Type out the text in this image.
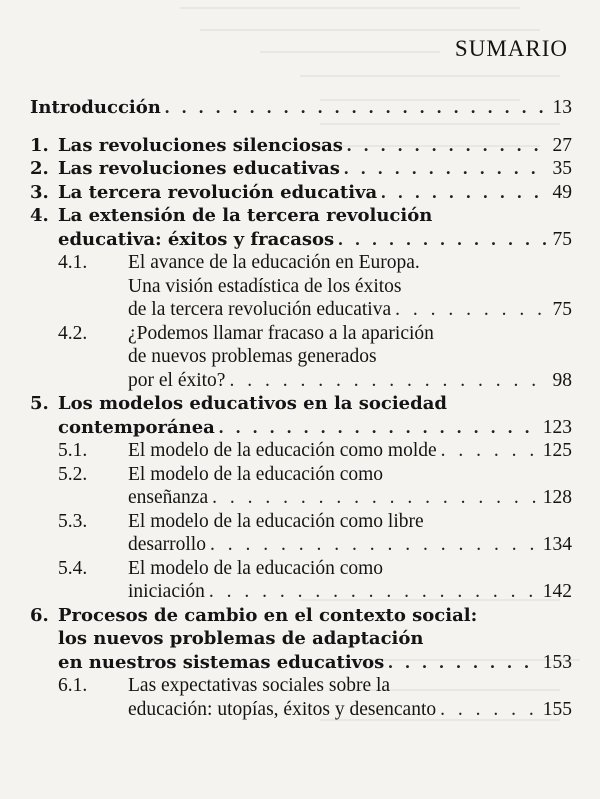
SUMARIO
Introducción . . .	13
1. Las revoluciones silenciosas . . .	27
2. Las revoluciones educativas . . .	35
3. La tercera revolución educativa . . .	49
4. La extensión de la tercera revolución
educativa: éxitos y fracasos . . .	75
4.1.	El avance de la educación en Europa.
Una visión estadística de los éxitos
de la tercera revolución educativa . . .	75
4.2.	¿Podemos llamar fracaso a la aparición
de nuevos problemas generados
por el éxito? . . .	98
5. Los modelos educativos en la sociedad
contemporánea . . .	123
5.1.	El modelo de la educación como molde . . .	125
5.2.	El modelo de la educación como
enseñanza . . .	128
5.3.	El modelo de la educación como libre
desarrollo . . .	134
5.4.	El modelo de la educación como
iniciación . . .	142
6. Procesos de cambio en el contexto social:
los nuevos problemas de adaptación
en nuestros sistemas educativos . . .	153
6.1.	Las expectativas sociales sobre la
educación: utopías, éxitos y desencanto . . .	155
